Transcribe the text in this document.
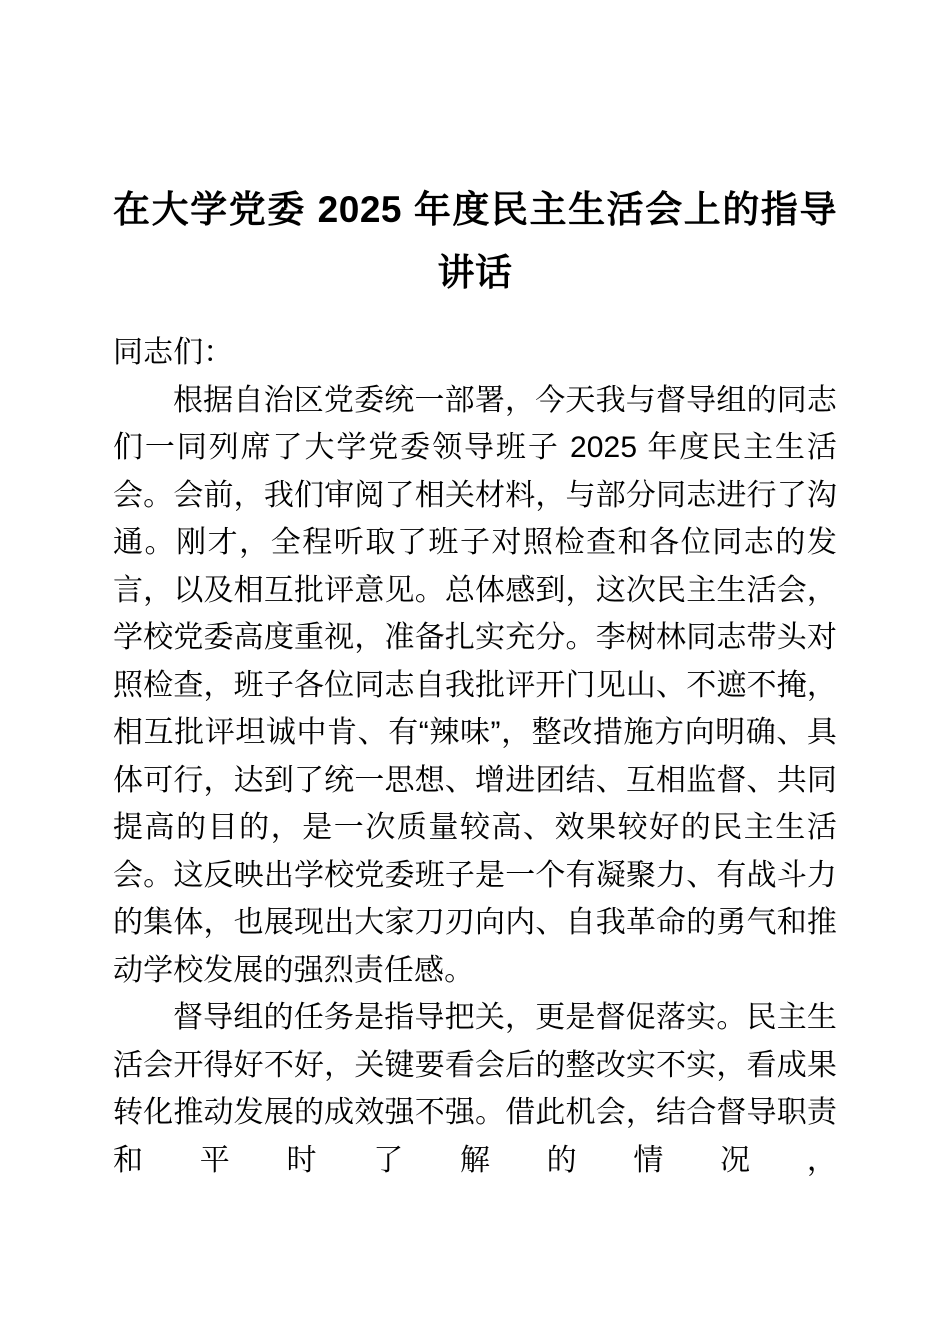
在大学党委 2025 年度民主生活会上的指导
讲话

同志们：

根据自治区党委统一部署，今天我与督导组的同志们一同列席了大学党委领导班子 2025 年度民主生活会。会前，我们审阅了相关材料，与部分同志进行了沟通。刚才，全程听取了班子对照检查和各位同志的发言，以及相互批评意见。总体感到，这次民主生活会，学校党委高度重视，准备扎实充分。李树林同志带头对照检查，班子各位同志自我批评开门见山、不遮不掩，相互批评坦诚中肯、有“辣味”，整改措施方向明确、具体可行，达到了统一思想、增进团结、互相监督、共同提高的目的，是一次质量较高、效果较好的民主生活会。这反映出学校党委班子是一个有凝聚力、有战斗力的集体，也展现出大家刀刃向内、自我革命的勇气和推动学校发展的强烈责任感。

督导组的任务是指导把关，更是督促落实。民主生活会开得好不好，关键要看会后的整改实不实，看成果转化推动发展的成效强不强。借此机会，结合督导职责和平时了解的情况，
